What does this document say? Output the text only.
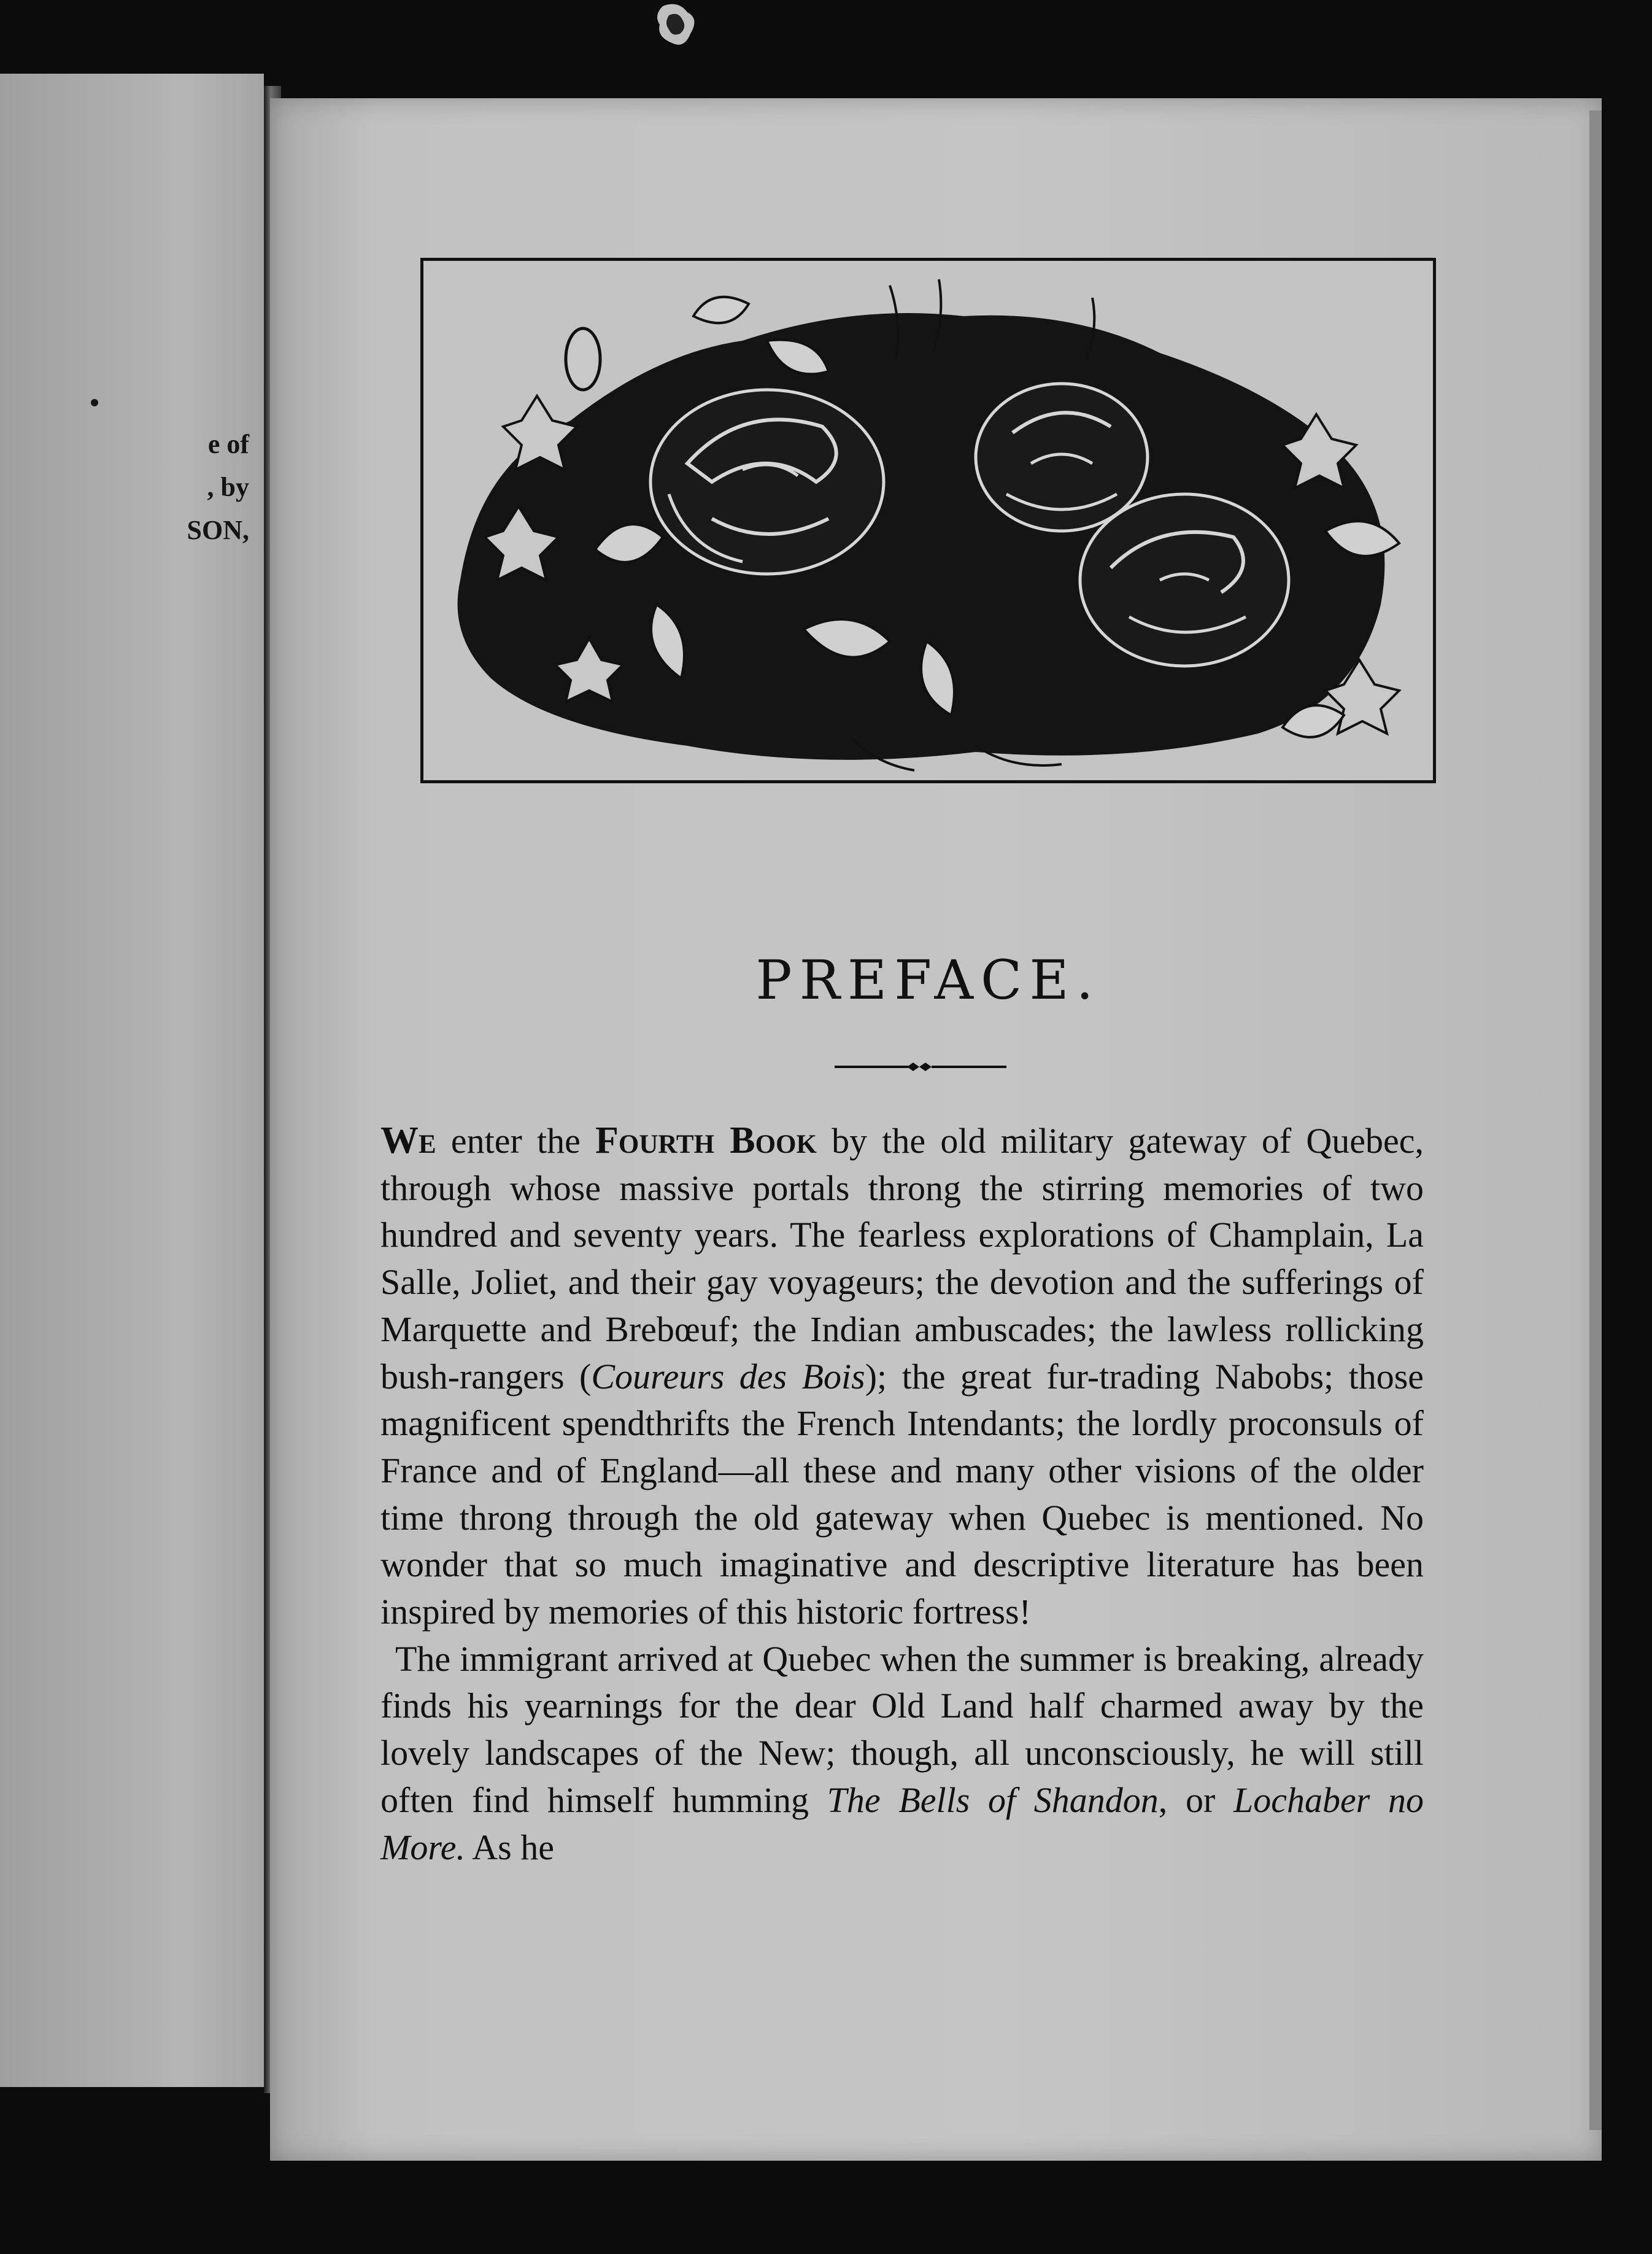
e of
, by
SON,
PREFACE.

We enter the Fourth Book by the old military gateway of Quebec, through whose massive portals throng the stirring memories of two hundred and seventy years. The fearless explorations of Champlain, La Salle, Joliet, and their gay voyageurs; the devotion and the sufferings of Marquette and Brebœuf; the Indian ambuscades; the lawless rollicking bush-rangers (Coureurs des Bois); the great fur-trading Nabobs; those magnificent spendthrifts the French Intendants; the lordly proconsuls of France and of England—all these and many other visions of the older time throng through the old gateway when Quebec is mentioned. No wonder that so much imaginative and descriptive literature has been inspired by memories of this historic fortress!

The immigrant arrived at Quebec when the summer is breaking, already finds his yearnings for the dear Old Land half charmed away by the lovely landscapes of the New; though, all unconsciously, he will still often find himself humming The Bells of Shandon, or Lochaber no More. As he
